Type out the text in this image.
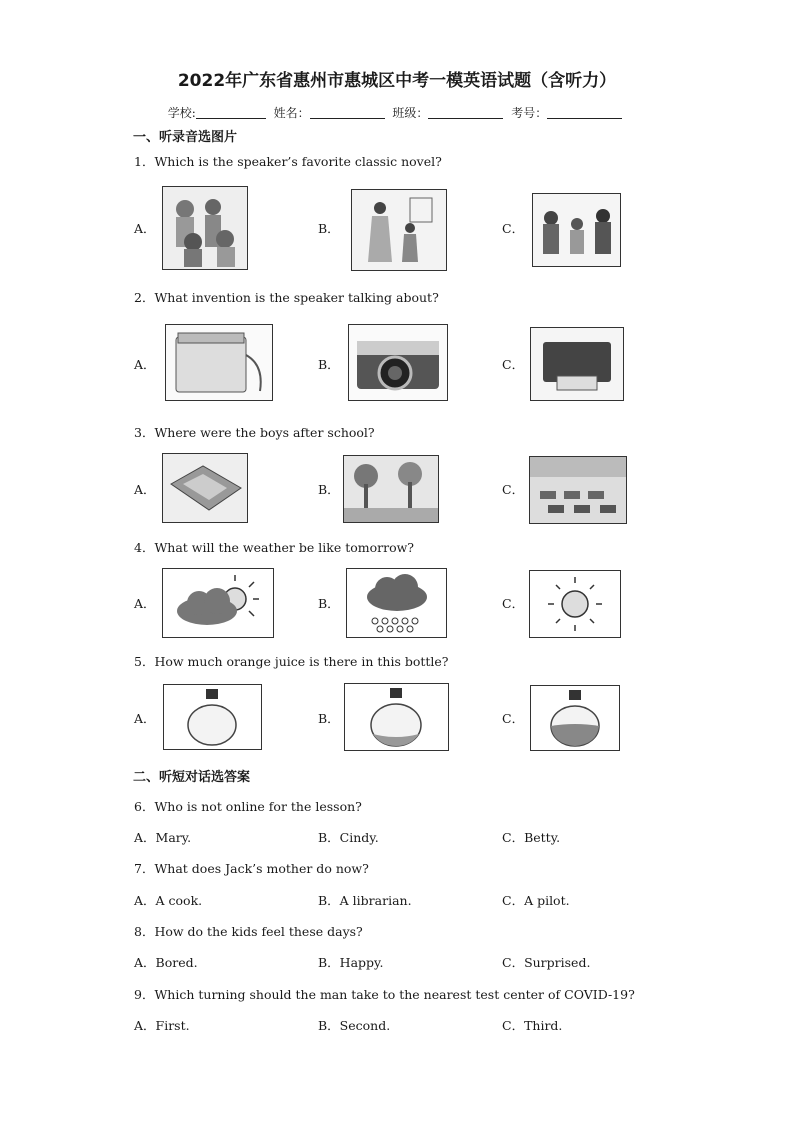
2022年广东省惠州市惠城区中考一模英语试题（含听力）
学校:	姓名：	班级：	考号：
一、听录音选图片
1．Which is the speaker’s favorite classic novel?
A．	B．	C．
2．What invention is the speaker talking about?
A．	B．	C．
3．Where were the boys after school?
A．	B．	C．
4．What will the weather be like tomorrow?
A．	B．	C．
5．How much orange juice is there in this bottle?
A．	B．	C．
二、听短对话选答案
6．Who is not online for the lesson?
A．Mary.	B．Cindy.	C．Betty.
7．What does Jack’s mother do now?
A．A cook.	B．A librarian.	C．A pilot.
8．How do the kids feel these days?
A．Bored.	B．Happy.	C．Surprised.
9．Which turning should the man take to the nearest test center of COVID-19?
A．First.	B．Second.	C．Third.
